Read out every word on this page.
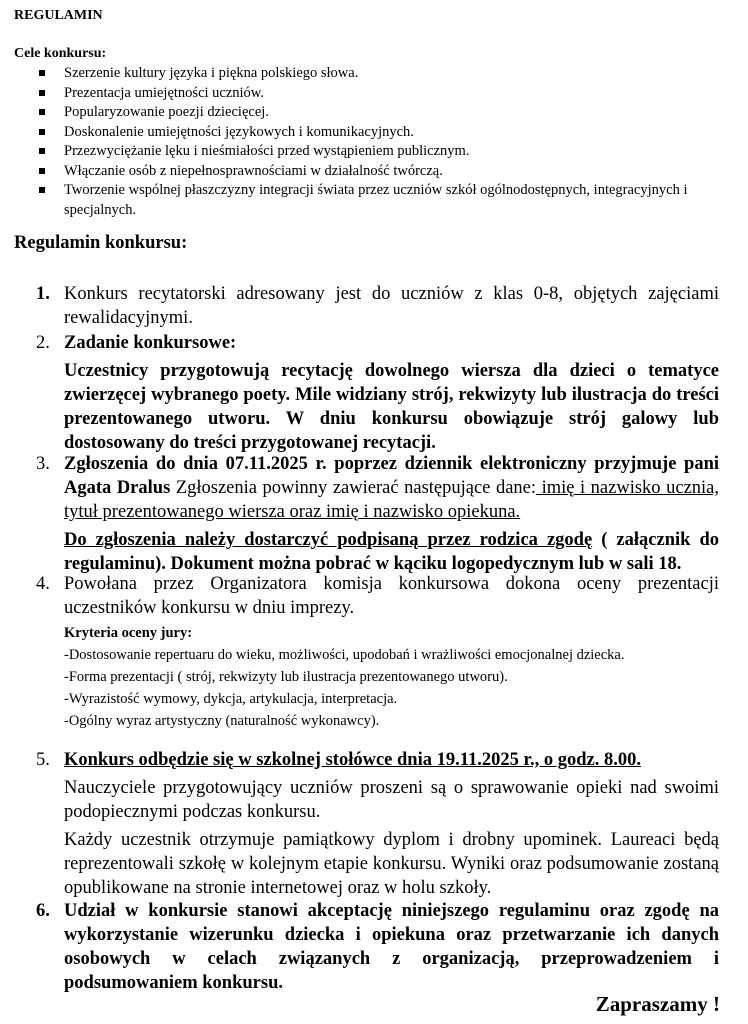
REGULAMIN
Cele konkursu:
Szerzenie kultury języka i piękna polskiego słowa.
Prezentacja umiejętności uczniów.
Popularyzowanie poezji dziecięcej.
Doskonalenie umiejętności językowych i komunikacyjnych.
Przezwyciężanie lęku i nieśmiałości przed wystąpieniem publicznym.
Włączanie osób z niepełnosprawnościami w działalność twórczą.
Tworzenie wspólnej płaszczyzny integracji świata przez uczniów szkół ogólnodostępnych, integracyjnych i specjalnych.
Regulamin konkursu:
1. Konkurs recytatorski adresowany jest do uczniów z klas 0-8, objętych zajęciami rewalidacyjnymi.
2. Zadanie konkursowe:
Uczestnicy przygotowują recytację dowolnego wiersza dla dzieci o tematyce zwierzęcej wybranego poety. Mile widziany strój, rekwizyty lub ilustracja do treści prezentowanego utworu. W dniu konkursu obowiązuje strój galowy lub dostosowany do treści przygotowanej recytacji.
3. Zgłoszenia do dnia 07.11.2025 r. poprzez dziennik elektroniczny przyjmuje pani Agata Dralus Zgłoszenia powinny zawierać następujące dane: imię i nazwisko ucznia, tytuł prezentowanego wiersza oraz imię i nazwisko opiekuna.
Do zgłoszenia należy dostarczyć podpisaną przez rodzica zgodę ( załącznik do regulaminu). Dokument można pobrać w kąciku logopedycznym lub w sali 18.
4. Powołana przez Organizatora komisja konkursowa dokona oceny prezentacji uczestników konkursu w dniu imprezy.
Kryteria oceny jury:
-Dostosowanie repertuaru do wieku, możliwości, upodobań i wrażliwości emocjonalnej dziecka.
-Forma prezentacji ( strój, rekwizyty lub ilustracja prezentowanego utworu).
-Wyrazistość wymowy, dykcja, artykulacja, interpretacja.
-Ogólny wyraz artystyczny (naturalność wykonawcy).
5. Konkurs odbędzie się w szkolnej stołówce dnia 19.11.2025 r., o godz. 8.00.
Nauczyciele przygotowujący uczniów proszeni są o sprawowanie opieki nad swoimi podopiecznymi podczas konkursu.
Każdy uczestnik otrzymuje pamiątkowy dyplom i drobny upominek. Laureaci będą reprezentowali szkołę w kolejnym etapie konkursu. Wyniki oraz podsumowanie zostaną opublikowane na stronie internetowej oraz w holu szkoły.
6. Udział w konkursie stanowi akceptację niniejszego regulaminu oraz zgodę na wykorzystanie wizerunku dziecka i opiekuna oraz przetwarzanie ich danych osobowych w celach związanych z organizacją, przeprowadzeniem i podsumowaniem konkursu.
Zapraszamy !
